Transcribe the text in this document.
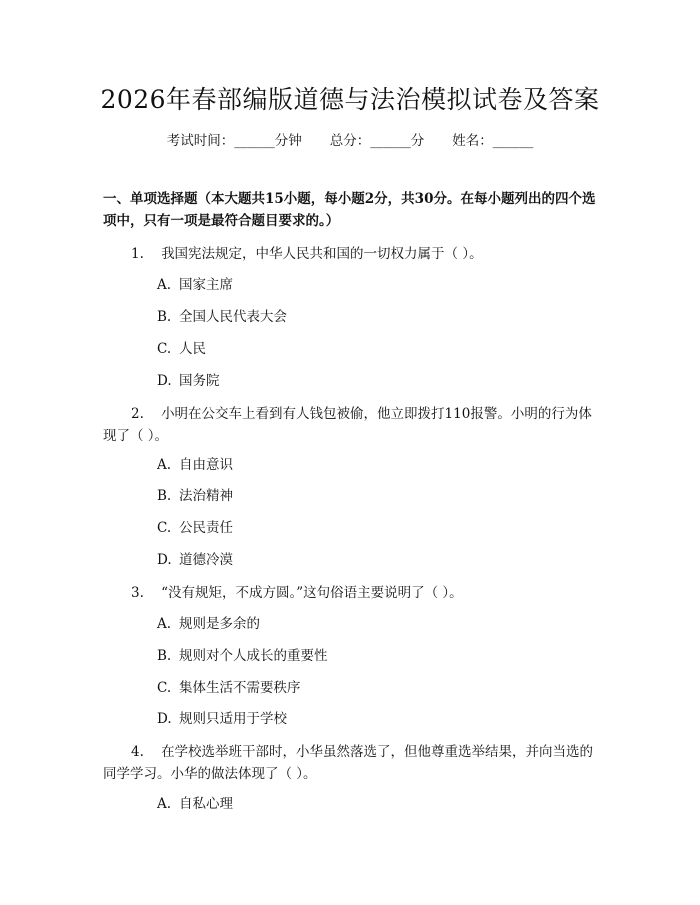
2026年春部编版道德与法治模拟试卷及答案
考试时间：______分钟 总分：______分 姓名：______
一、单项选择题（本大题共15小题，每小题2分，共30分。在每小题列出的四个选项中，只有一项是最符合题目要求的。）
1. 我国宪法规定，中华人民共和国的一切权力属于（ ）。
A. 国家主席
B. 全国人民代表大会
C. 人民
D. 国务院
2. 小明在公交车上看到有人钱包被偷，他立即拨打110报警。小明的行为体现了（ ）。
A. 自由意识
B. 法治精神
C. 公民责任
D. 道德冷漠
3. “没有规矩，不成方圆。”这句俗语主要说明了（ ）。
A. 规则是多余的
B. 规则对个人成长的重要性
C. 集体生活不需要秩序
D. 规则只适用于学校
4. 在学校选举班干部时，小华虽然落选了，但他尊重选举结果，并向当选的同学学习。小华的做法体现了（ ）。
A. 自私心理
